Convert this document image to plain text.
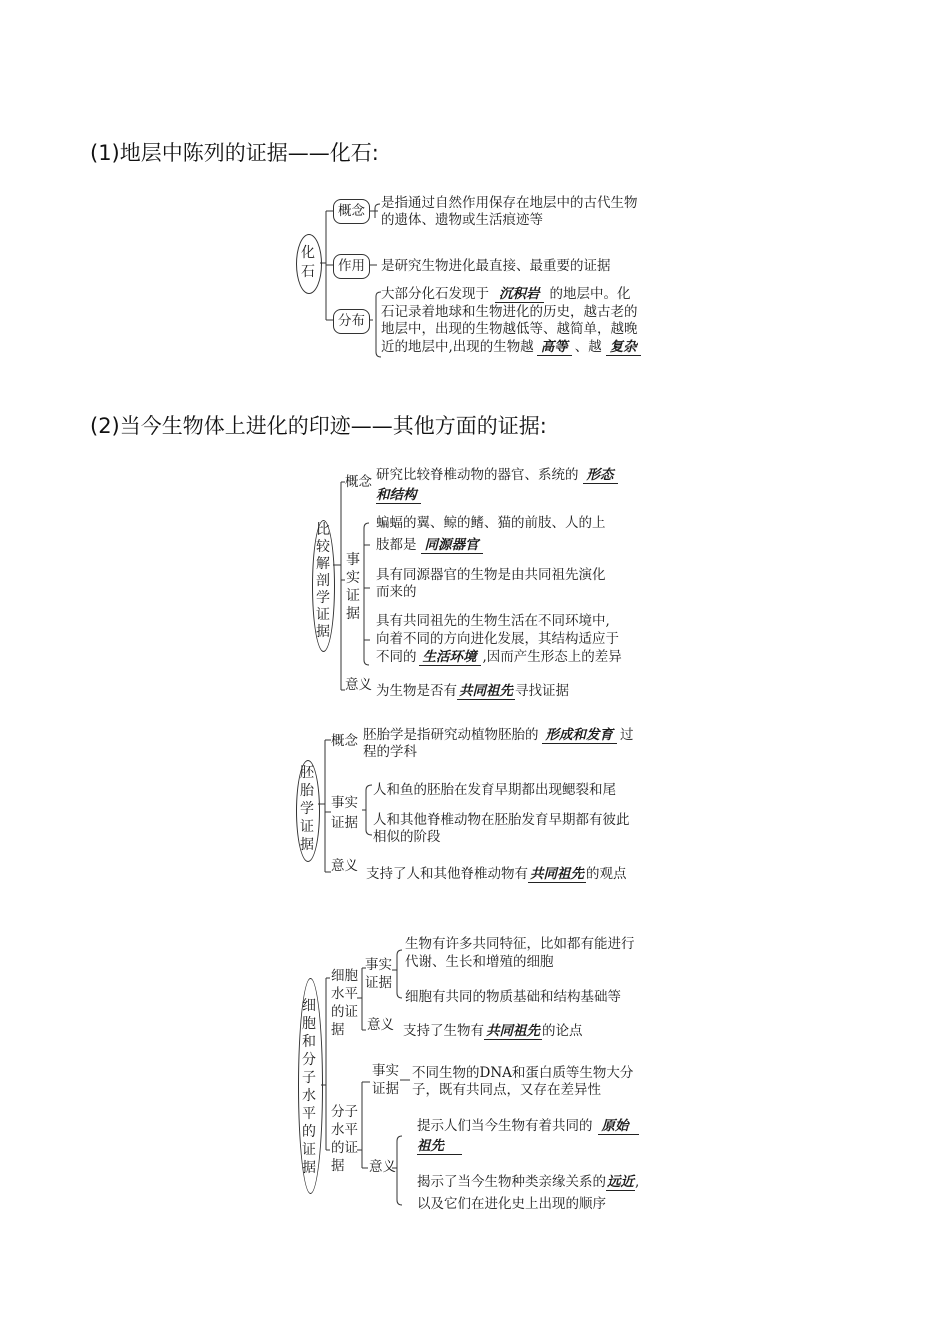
(1)地层中陈列的证据——化石:
(2)当今生物体上进化的印迹——其他方面的证据:
化
石
概念	是指通过自然作用保存在地层中的古代生物
的遗体、遗物或生活痕迹等
作用	是研究生物进化最直接、最重要的证据
分布
大部分化石发现于 沉积岩 的地层中。化
石记录着地球和生物进化的历史，越古老的
地层中，出现的生物越低等、越简单，越晚
近的地层中,出现的生物越 高等 、越 复杂
比
较
解
剖
学
证
据
概念 研究比较脊椎动物的器官、系统的 形态
和结构
事
实
证
据
蝙蝠的翼、鲸的鳍、猫的前肢、人的上
肢都是 同源器官
具有同源器官的生物是由共同祖先演化
而来的
具有共同祖先的生物生活在不同环境中,
向着不同的方向进化发展，其结构适应于
不同的 生活环境 ,因而产生形态上的差异
意义 为生物是否有 共同祖先 寻找证据
胚
胎
学
证
据
概念 胚胎学是指研究动植物胚胎的 形成和发育 过
程的学科
事实
证据
人和鱼的胚胎在发育早期都出现鳃裂和尾
人和其他脊椎动物在胚胎发育早期都有彼此
相似的阶段
意义 支持了人和其他脊椎动物有 共同祖先 的观点
细
胞
和
分
子
水
平
的
证
据
细胞
水平
的证
据
事实
证据
生物有许多共同特征，比如都有能进行
代谢、生长和增殖的细胞
细胞有共同的物质基础和结构基础等
意义 支持了生物有 共同祖先 的论点
分子
水平
的证
据
事实
证据
不同生物的DNA和蛋白质等生物大分
子，既有共同点，又存在差异性
意义
提示人们当今生物有着共同的 原始
祖先
揭示了当今生物种类亲缘关系的远近,
以及它们在进化史上出现的顺序
